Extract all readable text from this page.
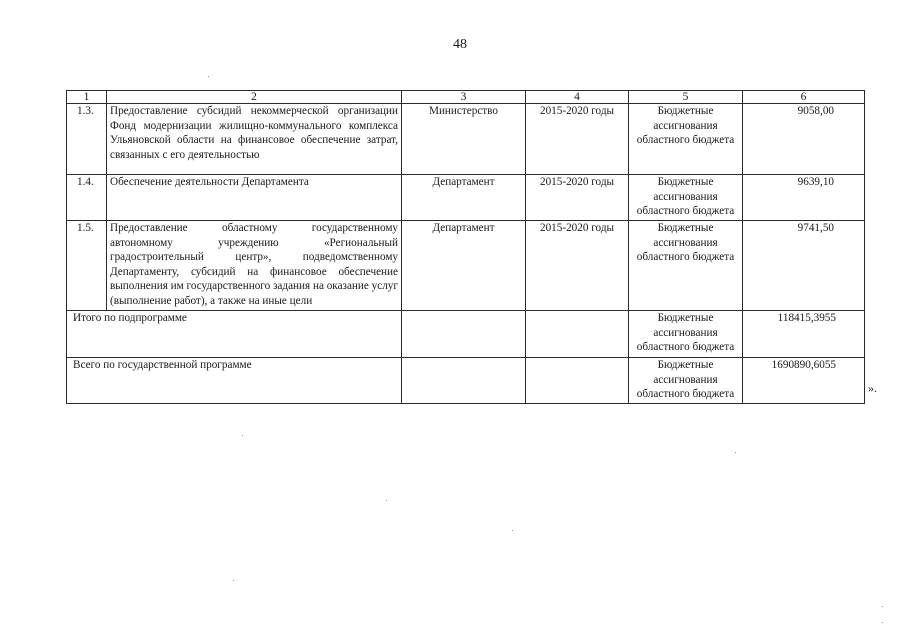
48
1	2	3	4	5	6
1.3.	Предоставление субсидий некоммерческой организации Фонд модернизации жилищно-коммунального комплекса Ульяновской области на финансовое обеспечение затрат, связанных с его деятельностью	Министерство	2015-2020 годы	Бюджетные ассигнования областного бюджета	9058,00
1.4.	Обеспечение деятельности Департамента	Департамент	2015-2020 годы	Бюджетные ассигнования областного бюджета	9639,10
1.5.	Предоставление областному государственному автономному учреждению «Региональный градостроительный центр», подведомственному Департаменту, субсидий на финансовое обеспечение выполнения им государственного задания на оказание услуг (выполнение работ), а также на иные цели	Департамент	2015-2020 годы	Бюджетные ассигнования областного бюджета	9741,50
Итого по подпрограмме				Бюджетные ассигнования областного бюджета	118415,3955
Всего по государственной программе				Бюджетные ассигнования областного бюджета	1690890,6055
».
